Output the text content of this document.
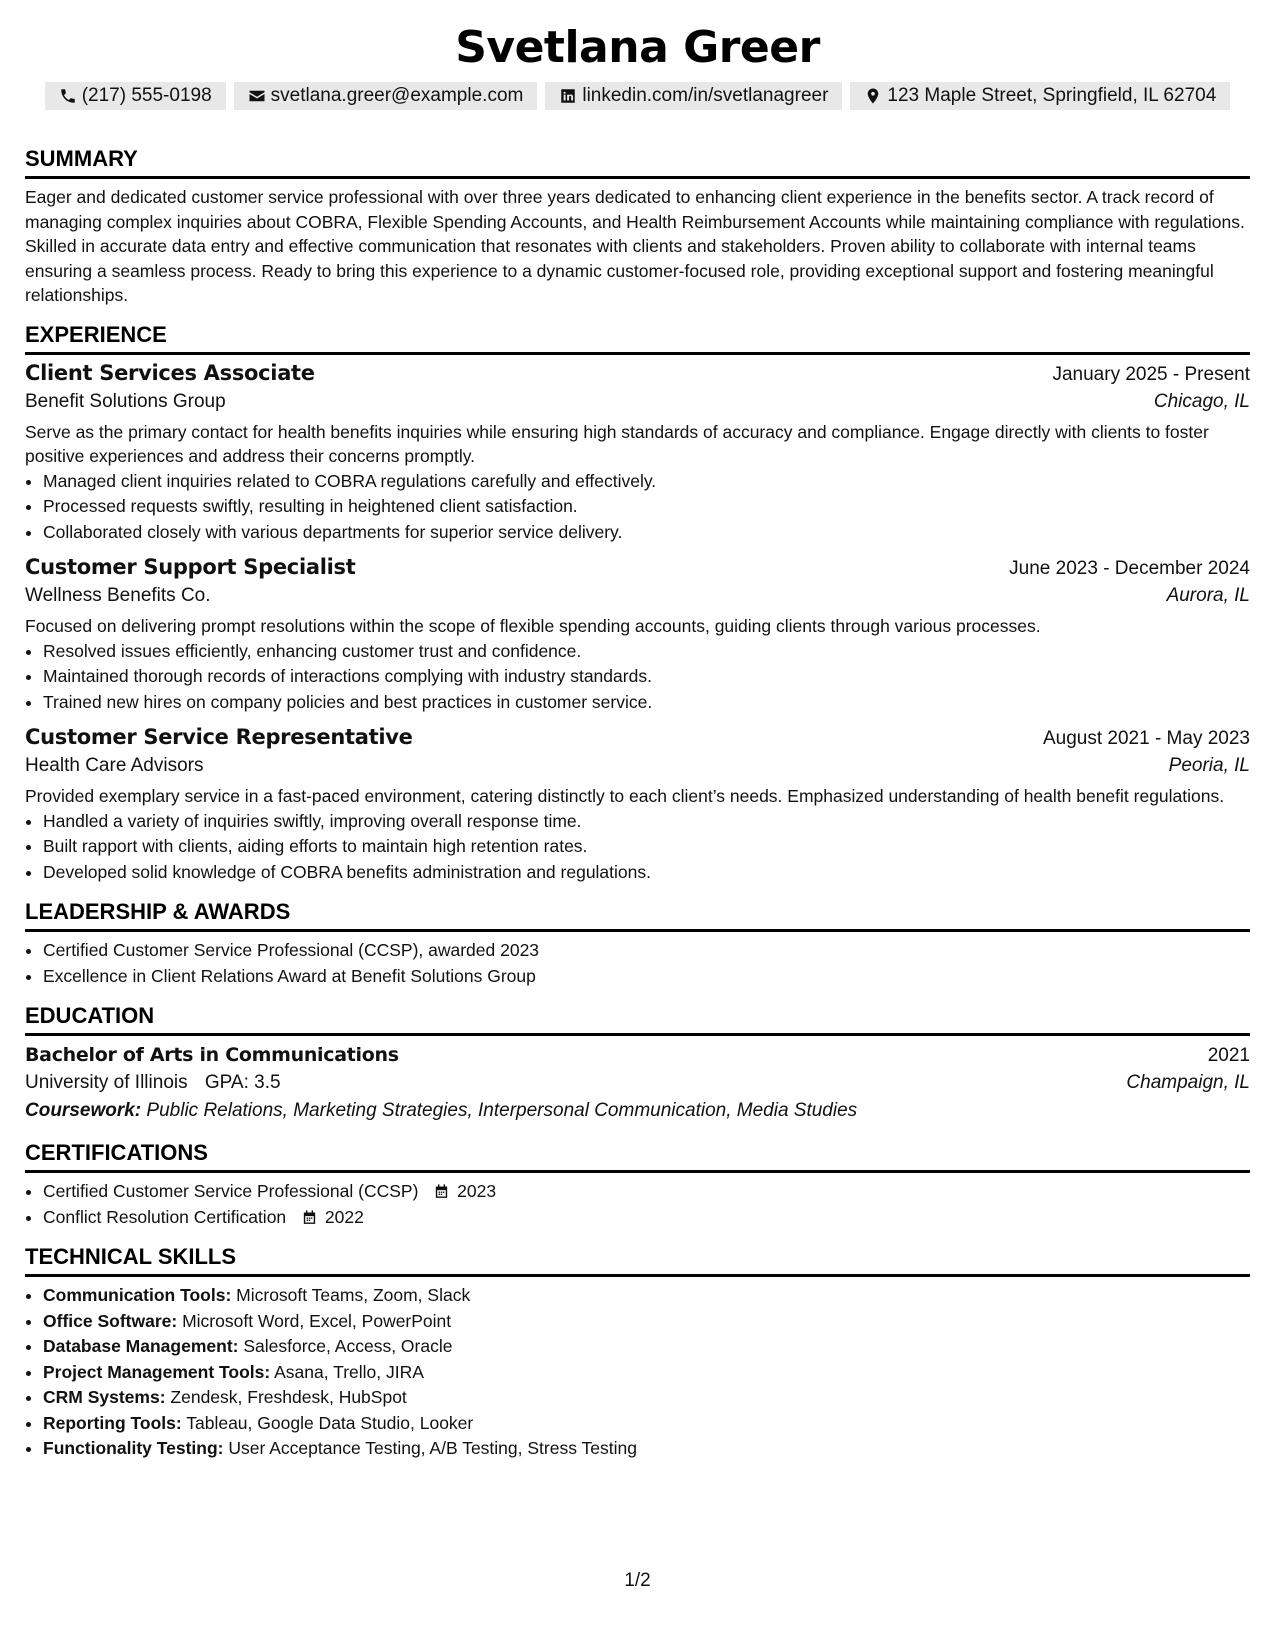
Svetlana Greer
(217) 555-0198	svetlana.greer@example.com	linkedin.com/in/svetlanagreer	123 Maple Street, Springfield, IL 62704
SUMMARY

Eager and dedicated customer service professional with over three years dedicated to enhancing client experience in the benefits sector. A track record of managing complex inquiries about COBRA, Flexible Spending Accounts, and Health Reimbursement Accounts while maintaining compliance with regulations. Skilled in accurate data entry and effective communication that resonates with clients and stakeholders. Proven ability to collaborate with internal teams ensuring a seamless process. Ready to bring this experience to a dynamic customer-focused role, providing exceptional support and fostering meaningful relationships.

EXPERIENCE
Client Services Associate	January 2025 - Present
Benefit Solutions Group	Chicago, IL

Serve as the primary contact for health benefits inquiries while ensuring high standards of accuracy and compliance. Engage directly with clients to foster positive experiences and address their concerns promptly.

• Managed client inquiries related to COBRA regulations carefully and effectively.
• Processed requests swiftly, resulting in heightened client satisfaction.
• Collaborated closely with various departments for superior service delivery.
Customer Support Specialist	June 2023 - December 2024
Wellness Benefits Co.	Aurora, IL

Focused on delivering prompt resolutions within the scope of flexible spending accounts, guiding clients through various processes.

• Resolved issues efficiently, enhancing customer trust and confidence.
• Maintained thorough records of interactions complying with industry standards.
• Trained new hires on company policies and best practices in customer service.
Customer Service Representative	August 2021 - May 2023
Health Care Advisors	Peoria, IL

Provided exemplary service in a fast-paced environment, catering distinctly to each client’s needs. Emphasized understanding of health benefit regulations.

• Handled a variety of inquiries swiftly, improving overall response time.
• Built rapport with clients, aiding efforts to maintain high retention rates.
• Developed solid knowledge of COBRA benefits administration and regulations.
LEADERSHIP & AWARDS
• Certified Customer Service Professional (CCSP), awarded 2023
• Excellence in Client Relations Award at Benefit Solutions Group
EDUCATION
Bachelor of Arts in Communications	2021
University of Illinois GPA: 3.5	Champaign, IL
Coursework: Public Relations, Marketing Strategies, Interpersonal Communication, Media Studies
CERTIFICATIONS
• Certified Customer Service Professional (CCSP) 2023
• Conflict Resolution Certification 2022
TECHNICAL SKILLS
• Communication Tools: Microsoft Teams, Zoom, Slack
• Office Software: Microsoft Word, Excel, PowerPoint
• Database Management: Salesforce, Access, Oracle
• Project Management Tools: Asana, Trello, JIRA
• CRM Systems: Zendesk, Freshdesk, HubSpot
• Reporting Tools: Tableau, Google Data Studio, Looker
• Functionality Testing: User Acceptance Testing, A/B Testing, Stress Testing
1/2
